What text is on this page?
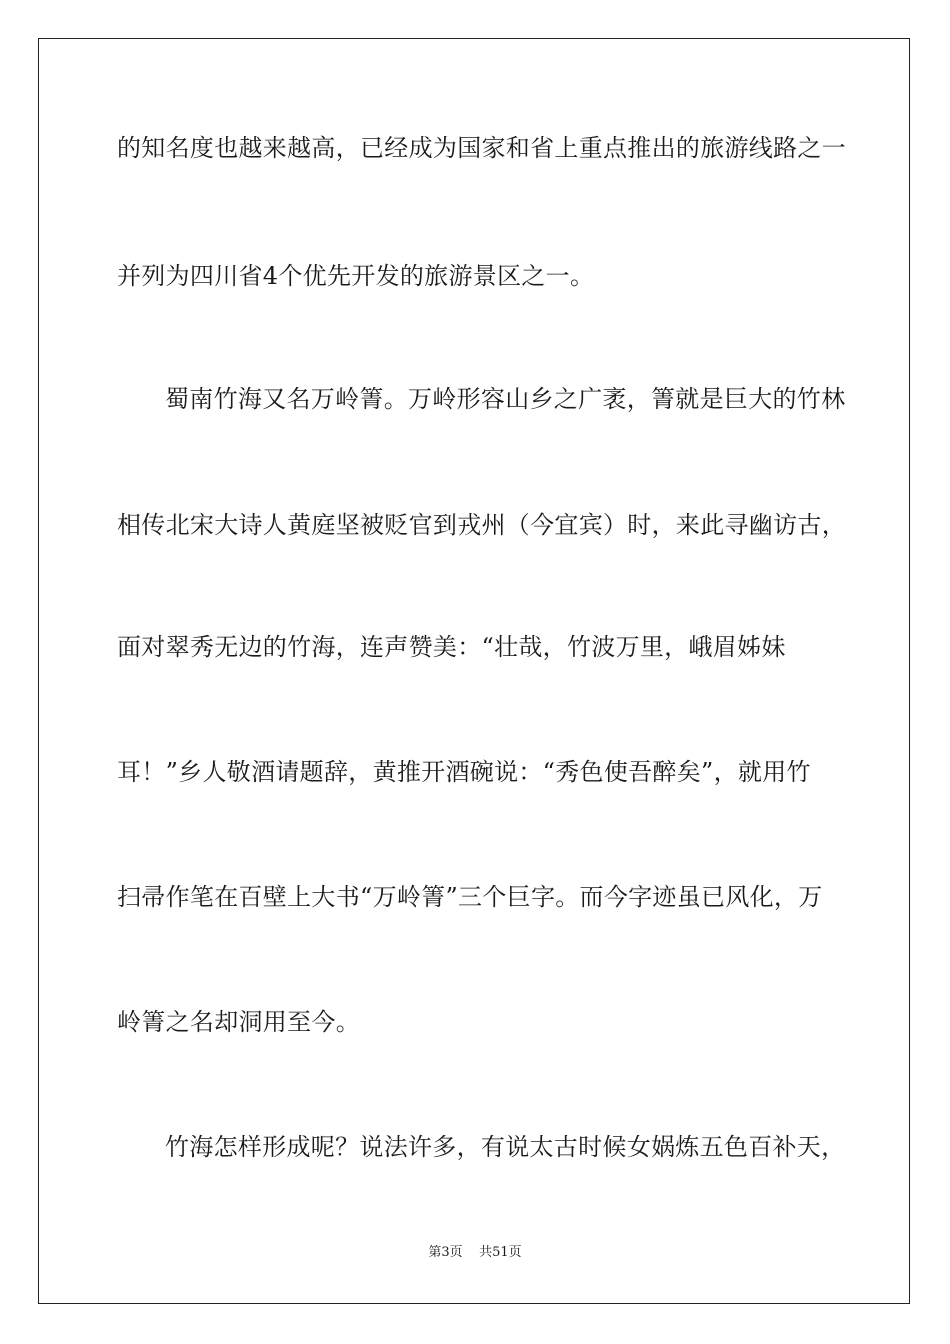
的知名度也越来越高，已经成为国家和省上重点推出的旅游线路之一
并列为四川省4个优先开发的旅游景区之一。
蜀南竹海又名万岭箐。万岭形容山乡之广袤，箐就是巨大的竹林
相传北宋大诗人黄庭坚被贬官到戎州（今宜宾）时，来此寻幽访古，
面对翠秀无边的竹海，连声赞美：“壮哉，竹波万里，峨眉姊妹
耳！”乡人敬酒请题辞，黄推开酒碗说：“秀色使吾醉矣”，就用竹
扫帚作笔在百壁上大书“万岭箐”三个巨字。而今字迹虽已风化，万
岭箐之名却洞用至今。
竹海怎样形成呢？说法许多，有说太古时候女娲炼五色百补天，
第3页    共51页
